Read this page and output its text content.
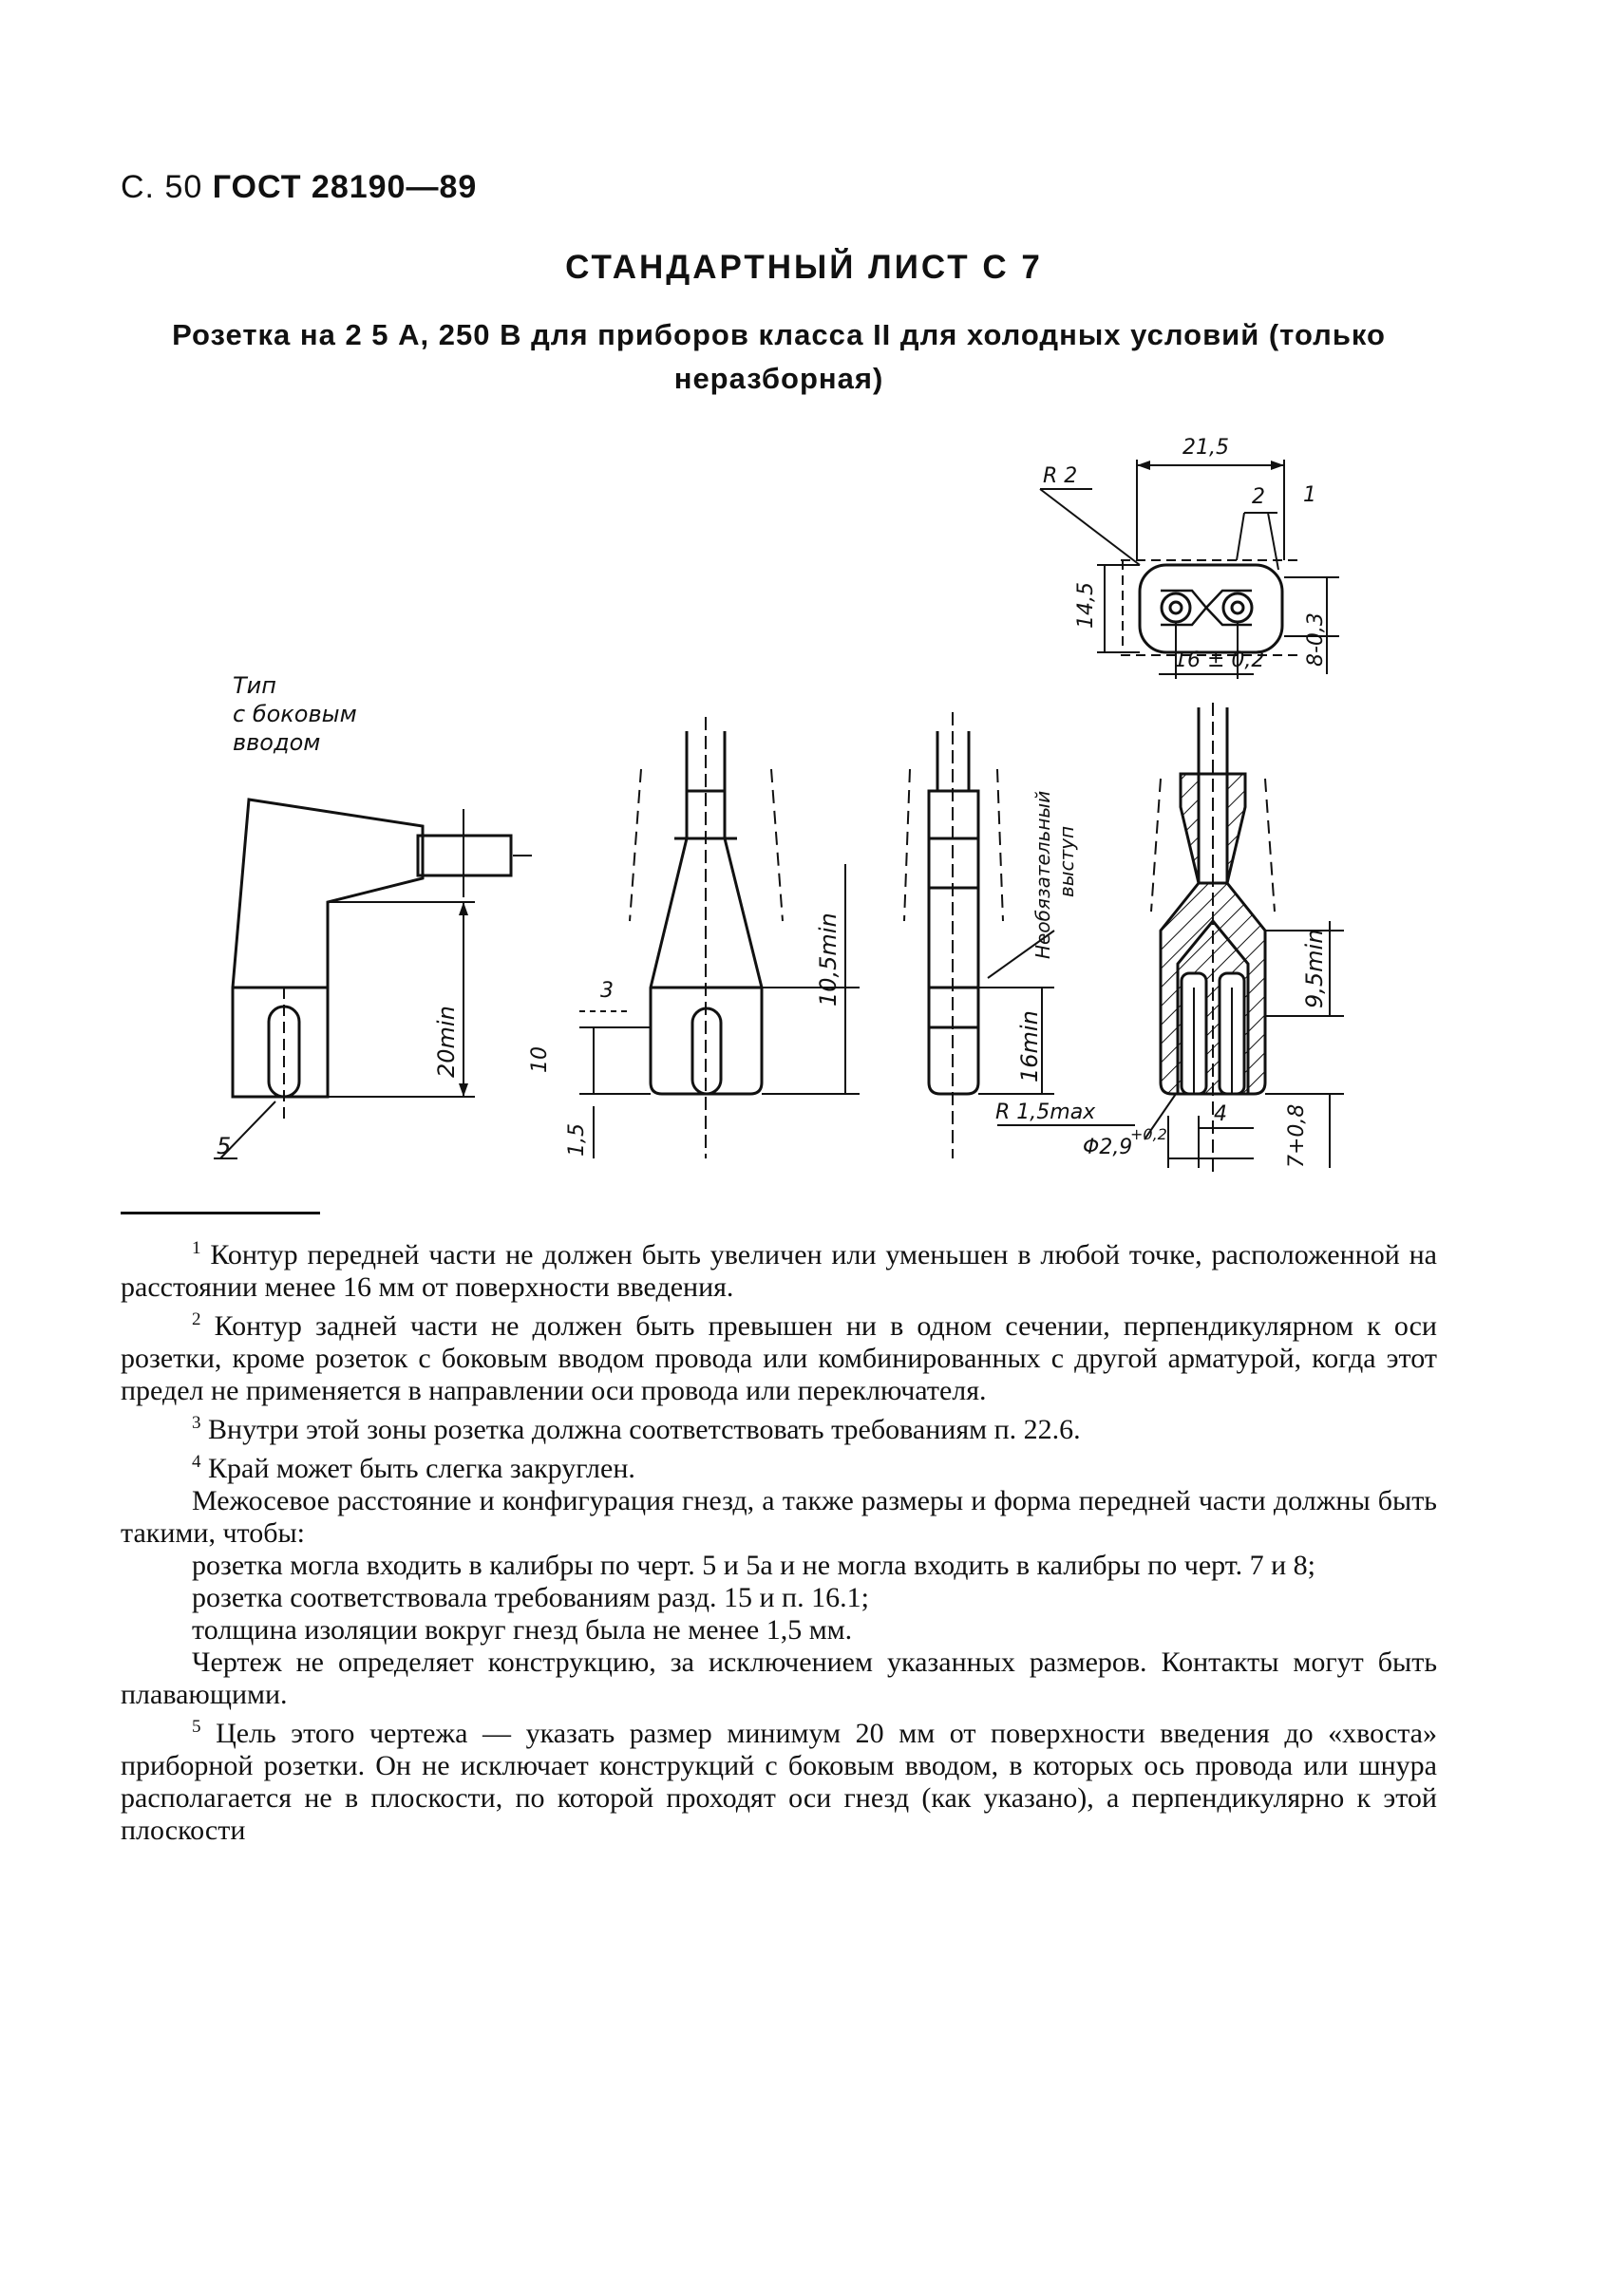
С. 50 ГОСТ 28190—89
СТАНДАРТНЫЙ ЛИСТ С 7
Розетка на 2 5 А, 250 В для приборов класса II для холодных условий (только
неразборная)
21,5
R 2
2 1
14,5
16 ± 0,2 8-0,3
Тип
с боковым
вводом
20min
5
3
10
1,5
10,5min
Необязательный выступ
16min
9,5min
R 1,5max
Φ2,9
+0,2
4	7+0,8

$^1$ Контур передней части не должен быть увеличен или уменьшен в любой точке, расположенной на расстоянии менее 16 мм от поверхности введения.

$^2$ Контур задней части не должен быть превышен ни в одном сечении, перпендикулярном к оси розетки, кроме розеток с боковым вводом провода или комбинированных с другой арматурой, когда этот предел не применяется в направлении оси провода или переключателя.

$^3$ Внутри этой зоны розетка должна соответствовать требованиям п. 22.6.

$^4$ Край может быть слегка закруглен.

Межосевое расстояние и конфигурация гнезд, а также размеры и форма передней части должны быть такими, чтобы:

розетка могла входить в калибры по черт. 5 и 5а и не могла входить в калибры по черт. 7 и 8;

розетка соответствовала требованиям разд. 15 и п. 16.1;

толщина изоляции вокруг гнезд была не менее 1,5 мм.

Чертеж не определяет конструкцию, за исключением указанных размеров. Контакты могут быть плавающими.

$^5$ Цель этого чертежа — указать размер минимум 20 мм от поверхности введения до «хвоста» приборной розетки. Он не исключает конструкций с боковым вводом, в которых ось провода или шнура располагается не в плоскости, по которой проходят оси гнезд (как указано), а перпендикулярно к этой плоскости
